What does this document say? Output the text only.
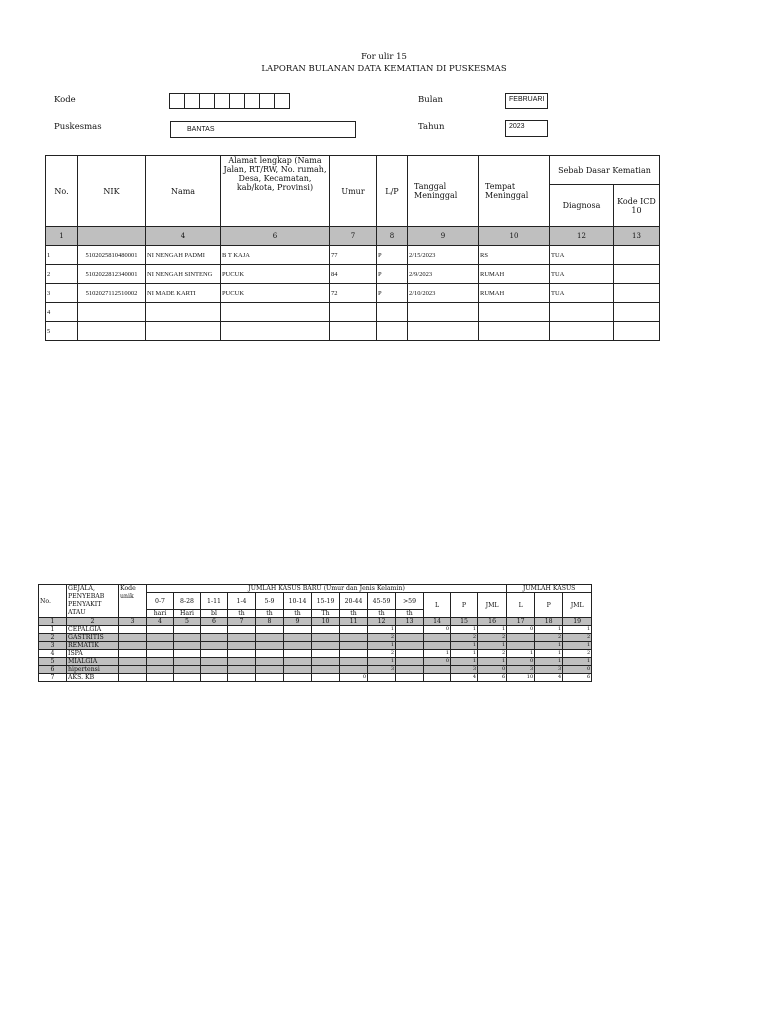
For ulir 15
LAPORAN BULANAN DATA KEMATIAN DI PUSKESMAS
Kode
Puskesmas	BANTAS
Bulan	FEBRUARI
Tahun	2023
No.	NIK	Nama	Alamat lengkap (Nama Jalan, RT/RW, No. rumah, Desa, Kecamatan, kab/kota, Provinsi)	Umur	L/P	Tanggal Meninggal	Tempat Meninggal	Sebab Dasar Kematian	
								Diagnosa	Kode ICD 10
1		4	6	7	8	9	10	12	13
1	5102025810480001	NI NENGAH PADMI	B T KAJA	77	P	2/15/2023	RS	TUA	
2	5102022812340001	NI NENGAH SINTENG	PUCUK	84	P	2/9/2023	RUMAH	TUA	
3	5102027112510002	NI MADE KARTI	PUCUK	72	P	2/10/2023	RUMAH	TUA	
4									
5									
No.	GEJALA, PENYEBAB PENYAKIT ATAU	Kode unik	JUMLAH KASUS BARU (Umur dan Jenis Kelamin)													JUMLAH KASUS		
			0-7	8-28	1-11	1-4	5-9	10-14	15-19	20-44	45-59	>59	L	P	JML	L	P	JML
			hari	Hari	bl	th	th	th	Th	th	th	th						
1	2	3	4	5	6	7	8	9	10	11	12	13	14	15	16	17	18	19
1	CEPALGIA										1		0	1	1	0	1	1
2	GASTRITIS										2			2	2		2	2
3	REMATIK										1			1	1		1	1
4	ISPA										2		1	1	2	1	1	2
5	MIALGIA										1		0	1	1	0	1	1
6	hipertensi										3			3	0	3	3	0
7	AKS. KB									0				4	6	10	4	6
